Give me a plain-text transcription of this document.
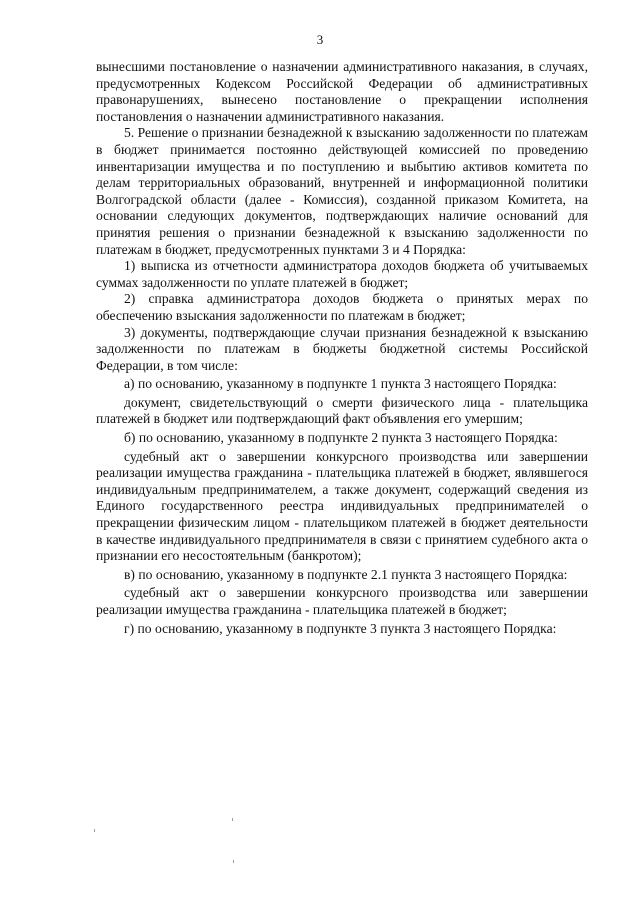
3

вынесшими постановление о назначении административного наказания, в случаях, предусмотренных Кодексом Российской Федерации об административных правонарушениях, вынесено постановление о прекращении исполнения постановления о назначении административного наказания.

5. Решение о признании безнадежной к взысканию задолженности по платежам в бюджет принимается постоянно действующей комиссией по проведению инвентаризации имущества и по поступлению и выбытию активов комитета по делам территориальных образований, внутренней и информационной политики Волгоградской области (далее - Комиссия), созданной приказом Комитета, на основании следующих документов, подтверждающих наличие оснований для принятия решения о признании безнадежной к взысканию задолженности по платежам в бюджет, предусмотренных пунктами 3 и 4 Порядка:

1) выписка из отчетности администратора доходов бюджета об учитываемых суммах задолженности по уплате платежей в бюджет;

2) справка администратора доходов бюджета о принятых мерах по обеспечению взыскания задолженности по платежам в бюджет;

3) документы, подтверждающие случаи признания безнадежной к взысканию задолженности по платежам в бюджеты бюджетной системы Российской Федерации, в том числе:

а) по основанию, указанному в подпункте 1 пункта 3 настоящего Порядка:

документ, свидетельствующий о смерти физического лица - плательщика платежей в бюджет или подтверждающий факт объявления его умершим;

б) по основанию, указанному в подпункте 2 пункта 3 настоящего Порядка:

судебный акт о завершении конкурсного производства или завершении реализации имущества гражданина - плательщика платежей в бюджет, являвшегося индивидуальным предпринимателем, а также документ, содержащий сведения из Единого государственного реестра индивидуальных предпринимателей о прекращении физическим лицом - плательщиком платежей в бюджет деятельности в качестве индивидуального предпринимателя в связи с принятием судебного акта о признании его несостоятельным (банкротом);

в) по основанию, указанному в подпункте 2.1 пункта 3 настоящего Порядка:

судебный акт о завершении конкурсного производства или завершении реализации имущества гражданина - плательщика платежей в бюджет;

г) по основанию, указанному в подпункте 3 пункта 3 настоящего Порядка:
